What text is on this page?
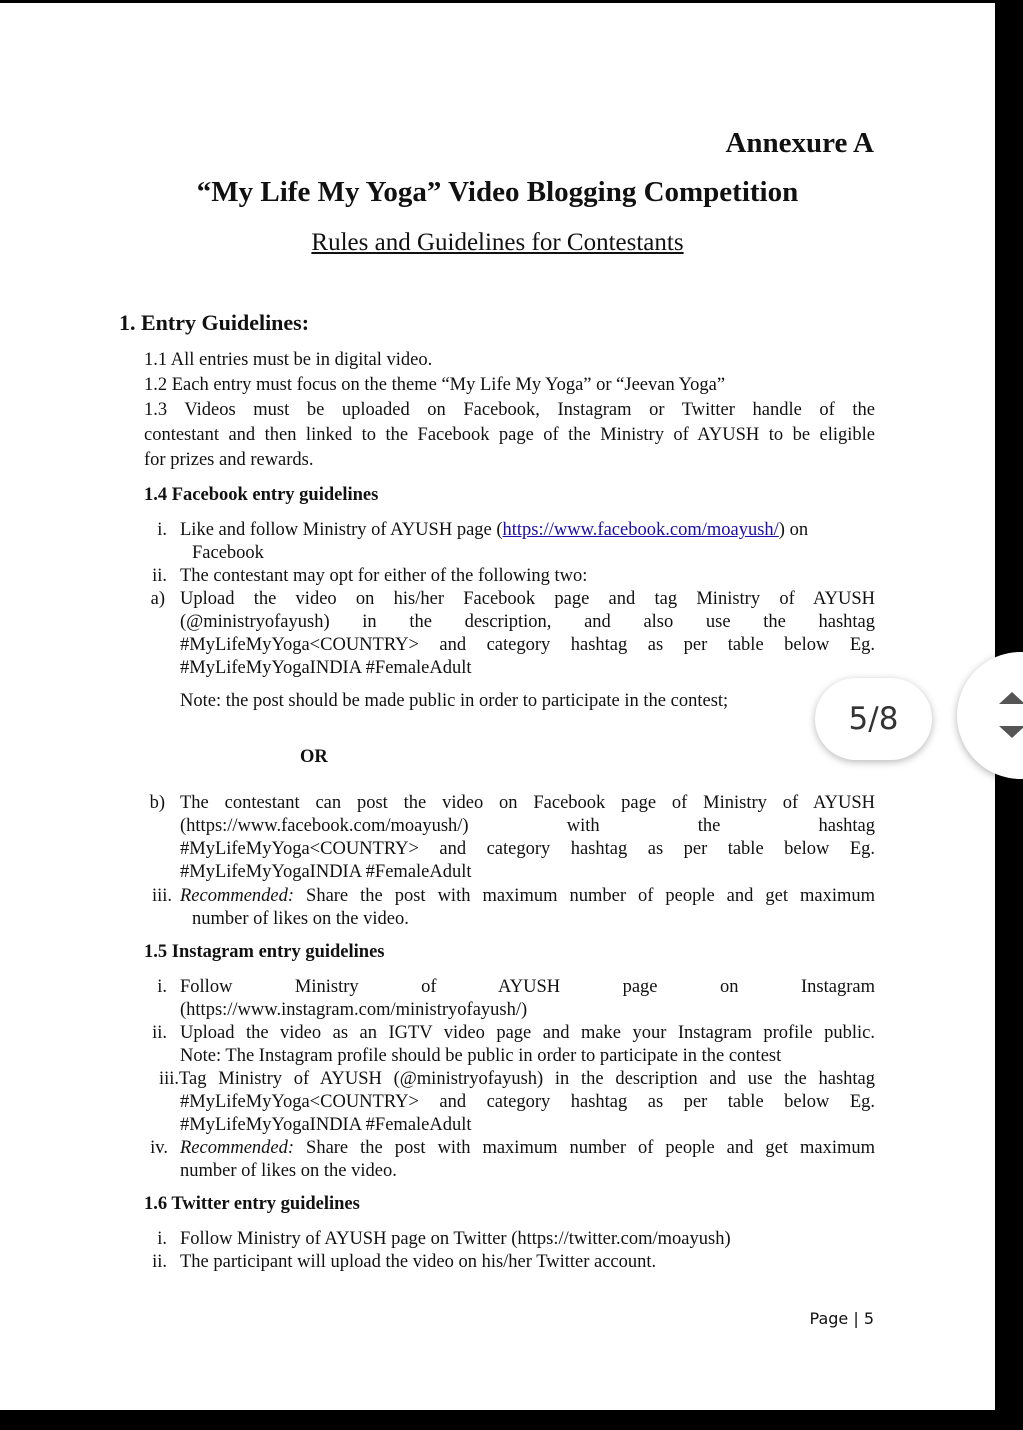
Annexure A
“My Life My Yoga” Video Blogging Competition
Rules and Guidelines for Contestants
1. Entry Guidelines:
1.1 All entries must be in digital video.
1.2 Each entry must focus on the theme “My Life My Yoga” or “Jeevan Yoga”
1.3 Videos must be uploaded on Facebook, Instagram or Twitter handle of the
contestant and then linked to the Facebook page of the Ministry of AYUSH to be eligible
for prizes and rewards.
1.4 Facebook entry guidelines
i. Like and follow Ministry of AYUSH page (https://www.facebook.com/moayush/) on
Facebook
ii. The contestant may opt for either of the following two:
a) Upload the video on his/her Facebook page and tag Ministry of AYUSH
(@ministryofayush) in the description, and also use the hashtag
#MyLifeMyYoga<COUNTRY> and category hashtag as per table below Eg.
#MyLifeMyYogaINDIA #FemaleAdult
Note: the post should be made public in order to participate in the contest;
OR
b) The contestant can post the video on Facebook page of Ministry of AYUSH
(https://www.facebook.com/moayush/) with the hashtag
#MyLifeMyYoga<COUNTRY> and category hashtag as per table below Eg.
#MyLifeMyYogaINDIA #FemaleAdult
iii. Recommended: Share the post with maximum number of people and get maximum
number of likes on the video.
1.5 Instagram entry guidelines
i. Follow Ministry of AYUSH page on Instagram
(https://www.instagram.com/ministryofayush/)
ii. Upload the video as an IGTV video page and make your Instagram profile public.
Note: The Instagram profile should be public in order to participate in the contest
iii.Tag Ministry of AYUSH (@ministryofayush) in the description and use the hashtag
#MyLifeMyYoga<COUNTRY> and category hashtag as per table below Eg.
#MyLifeMyYogaINDIA #FemaleAdult
iv. Recommended: Share the post with maximum number of people and get maximum
number of likes on the video.
1.6 Twitter entry guidelines
i. Follow Ministry of AYUSH page on Twitter (https://twitter.com/moayush)
ii. The participant will upload the video on his/her Twitter account.
Page | 5
5/8
